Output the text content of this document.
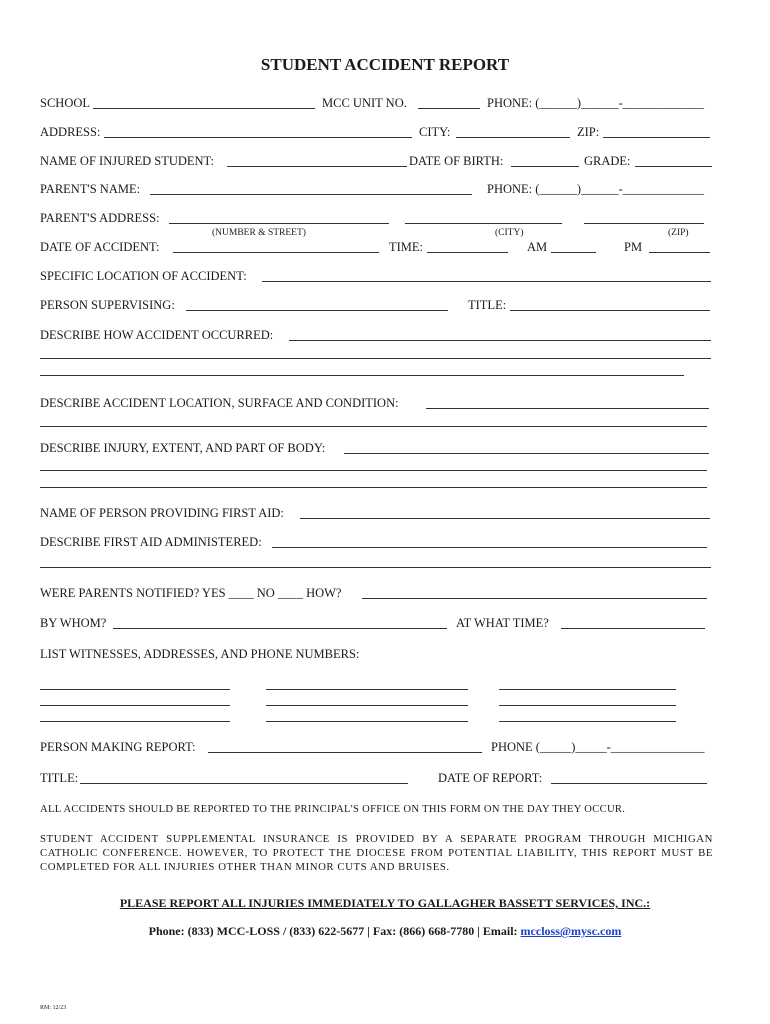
STUDENT ACCIDENT REPORT
SCHOOL	MCC UNIT NO.	PHONE: (______)______-_____________
ADDRESS:	CITY:	ZIP:
NAME OF INJURED STUDENT:	DATE OF BIRTH:	GRADE:
PARENT'S NAME:	PHONE: (______)______-_____________
PARENT'S ADDRESS:
(NUMBER & STREET)	(CITY)	(ZIP)
DATE OF ACCIDENT:	TIME:	AM	PM
SPECIFIC LOCATION OF ACCIDENT:
PERSON SUPERVISING:	TITLE:
DESCRIBE HOW ACCIDENT OCCURRED:
DESCRIBE ACCIDENT LOCATION, SURFACE AND CONDITION:
DESCRIBE INJURY, EXTENT, AND PART OF BODY:
NAME OF PERSON PROVIDING FIRST AID:
DESCRIBE FIRST AID ADMINISTERED:
WERE PARENTS NOTIFIED? YES ____ NO ____ HOW?
BY WHOM?	AT WHAT TIME?
LIST WITNESSES, ADDRESSES, AND PHONE NUMBERS:
PERSON MAKING REPORT:	PHONE (_____)_____-_______________
TITLE:	DATE OF REPORT:
ALL ACCIDENTS SHOULD BE REPORTED TO THE PRINCIPAL'S OFFICE ON THIS FORM ON THE DAY THEY OCCUR.
STUDENT ACCIDENT SUPPLEMENTAL INSURANCE IS PROVIDED BY A SEPARATE PROGRAM THROUGH MICHIGAN CATHOLIC CONFERENCE. HOWEVER, TO PROTECT THE DIOCESE FROM POTENTIAL LIABILITY, THIS REPORT MUST BE COMPLETED FOR ALL INJURIES OTHER THAN MINOR CUTS AND BRUISES.
PLEASE REPORT ALL INJURIES IMMEDIATELY TO GALLAGHER BASSETT SERVICES, INC.:
Phone: (833) MCC-LOSS / (833) 622-5677 | Fax: (866) 668-7780 | Email: mccloss@mysc.com
RM: 12/23
